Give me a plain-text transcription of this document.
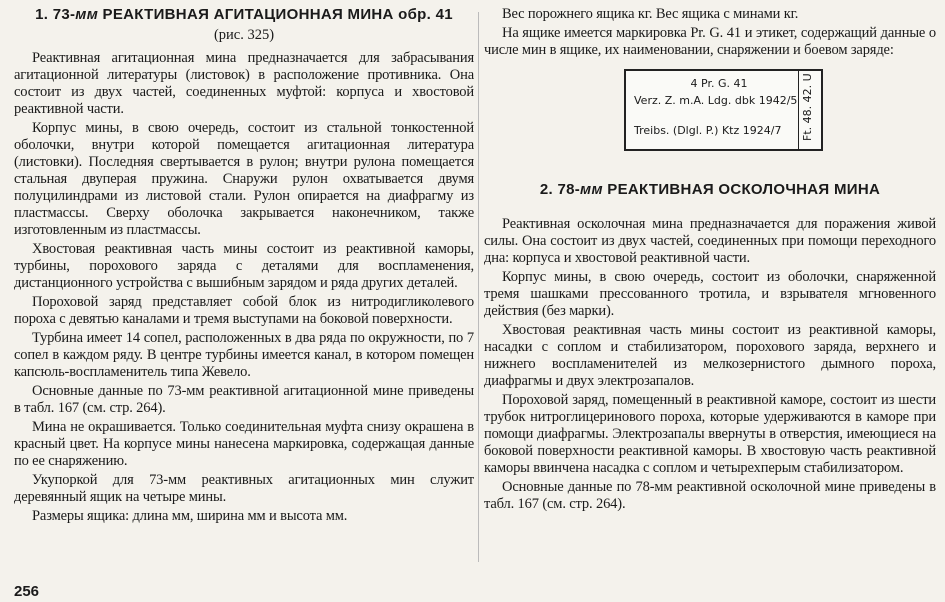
1. 73-мм РЕАКТИВНАЯ АГИТАЦИОННАЯ МИНА обр. 41
(рис. 325)

Реактивная агитационная мина предназначается для забрасывания агитационной литературы (листовок) в расположение противника. Она состоит из двух частей, соединенных муфтой: корпуса и хвостовой реактивной части.

Корпус мины, в свою очередь, состоит из стальной тонкостенной оболочки, внутри которой помещается агитационная литература (листовки). Последняя свертывается в рулон; внутри рулона помещается стальная двуперая пружина. Снаружи рулон охватывается двумя полуцилиндрами из листовой стали. Рулон опирается на диафрагму из пластмассы. Сверху оболочка закрывается наконечником, также изготовленным из пластмассы.

Хвостовая реактивная часть мины состоит из реактивной каморы, турбины, порохового заряда с деталями для воспламенения, дистанционного устройства с вышибным зарядом и ряда других деталей.

Пороховой заряд представляет собой блок из нитродигликолевого пороха с девятью каналами и тремя выступами на боковой поверхности.

Турбина имеет 14 сопел, расположенных в два ряда по окружности, по 7 сопел в каждом ряду. В центре турбины имеется канал, в котором помещен капсюль-воспламенитель типа Жевело.

Основные данные по 73-мм реактивной агитационной мине приведены в табл. 167 (см. стр. 264).

Мина не окрашивается. Только соединительная муфта снизу окрашена в красный цвет. На корпусе мины нанесена маркировка, содержащая данные по ее снаряжению.

Укупоркой для 73-мм реактивных агитационных мин служит деревянный ящик на четыре мины.

Размеры ящика: длина мм, ширина мм и высота мм.

256

Вес порожнего ящика кг. Вес ящика с минами кг.

На ящике имеется маркировка Pr. G. 41 и этикет, содержащий данные о числе мин в ящике, их наименовании, снаряжении и боевом заряде:

4 Pr. G. 41
Verz. Z. m.A. Ldg. dbk 1942/5
Treibs. (Dlgl. P.) Ktz 1924/7	Ft. 48. 42. U
2. 78-мм РЕАКТИВНАЯ ОСКОЛОЧНАЯ МИНА

Реактивная осколочная мина предназначается для поражения живой силы. Она состоит из двух частей, соединенных при помощи переходного дна: корпуса и хвостовой реактивной части.

Корпус мины, в свою очередь, состоит из оболочки, снаряженной тремя шашками прессованного тротила, и взрывателя мгновенного действия (без марки).

Хвостовая реактивная часть мины состоит из реактивной каморы, насадки с соплом и стабилизатором, порохового заряда, верхнего и нижнего воспламенителей из мелкозернистого дымного пороха, диафрагмы и двух электрозапалов.

Пороховой заряд, помещенный в реактивной каморе, состоит из шести трубок нитроглицеринового пороха, которые удерживаются в каморе при помощи диафрагмы. Электрозапалы ввернуты в отверстия, имеющиеся на боковой поверхности реактивной каморы. В хвостовую часть реактивной каморы ввинчена насадка с соплом и четырехперым стабилизатором.

Основные данные по 78-мм реактивной осколочной мине приведены в табл. 167 (см. стр. 264).
